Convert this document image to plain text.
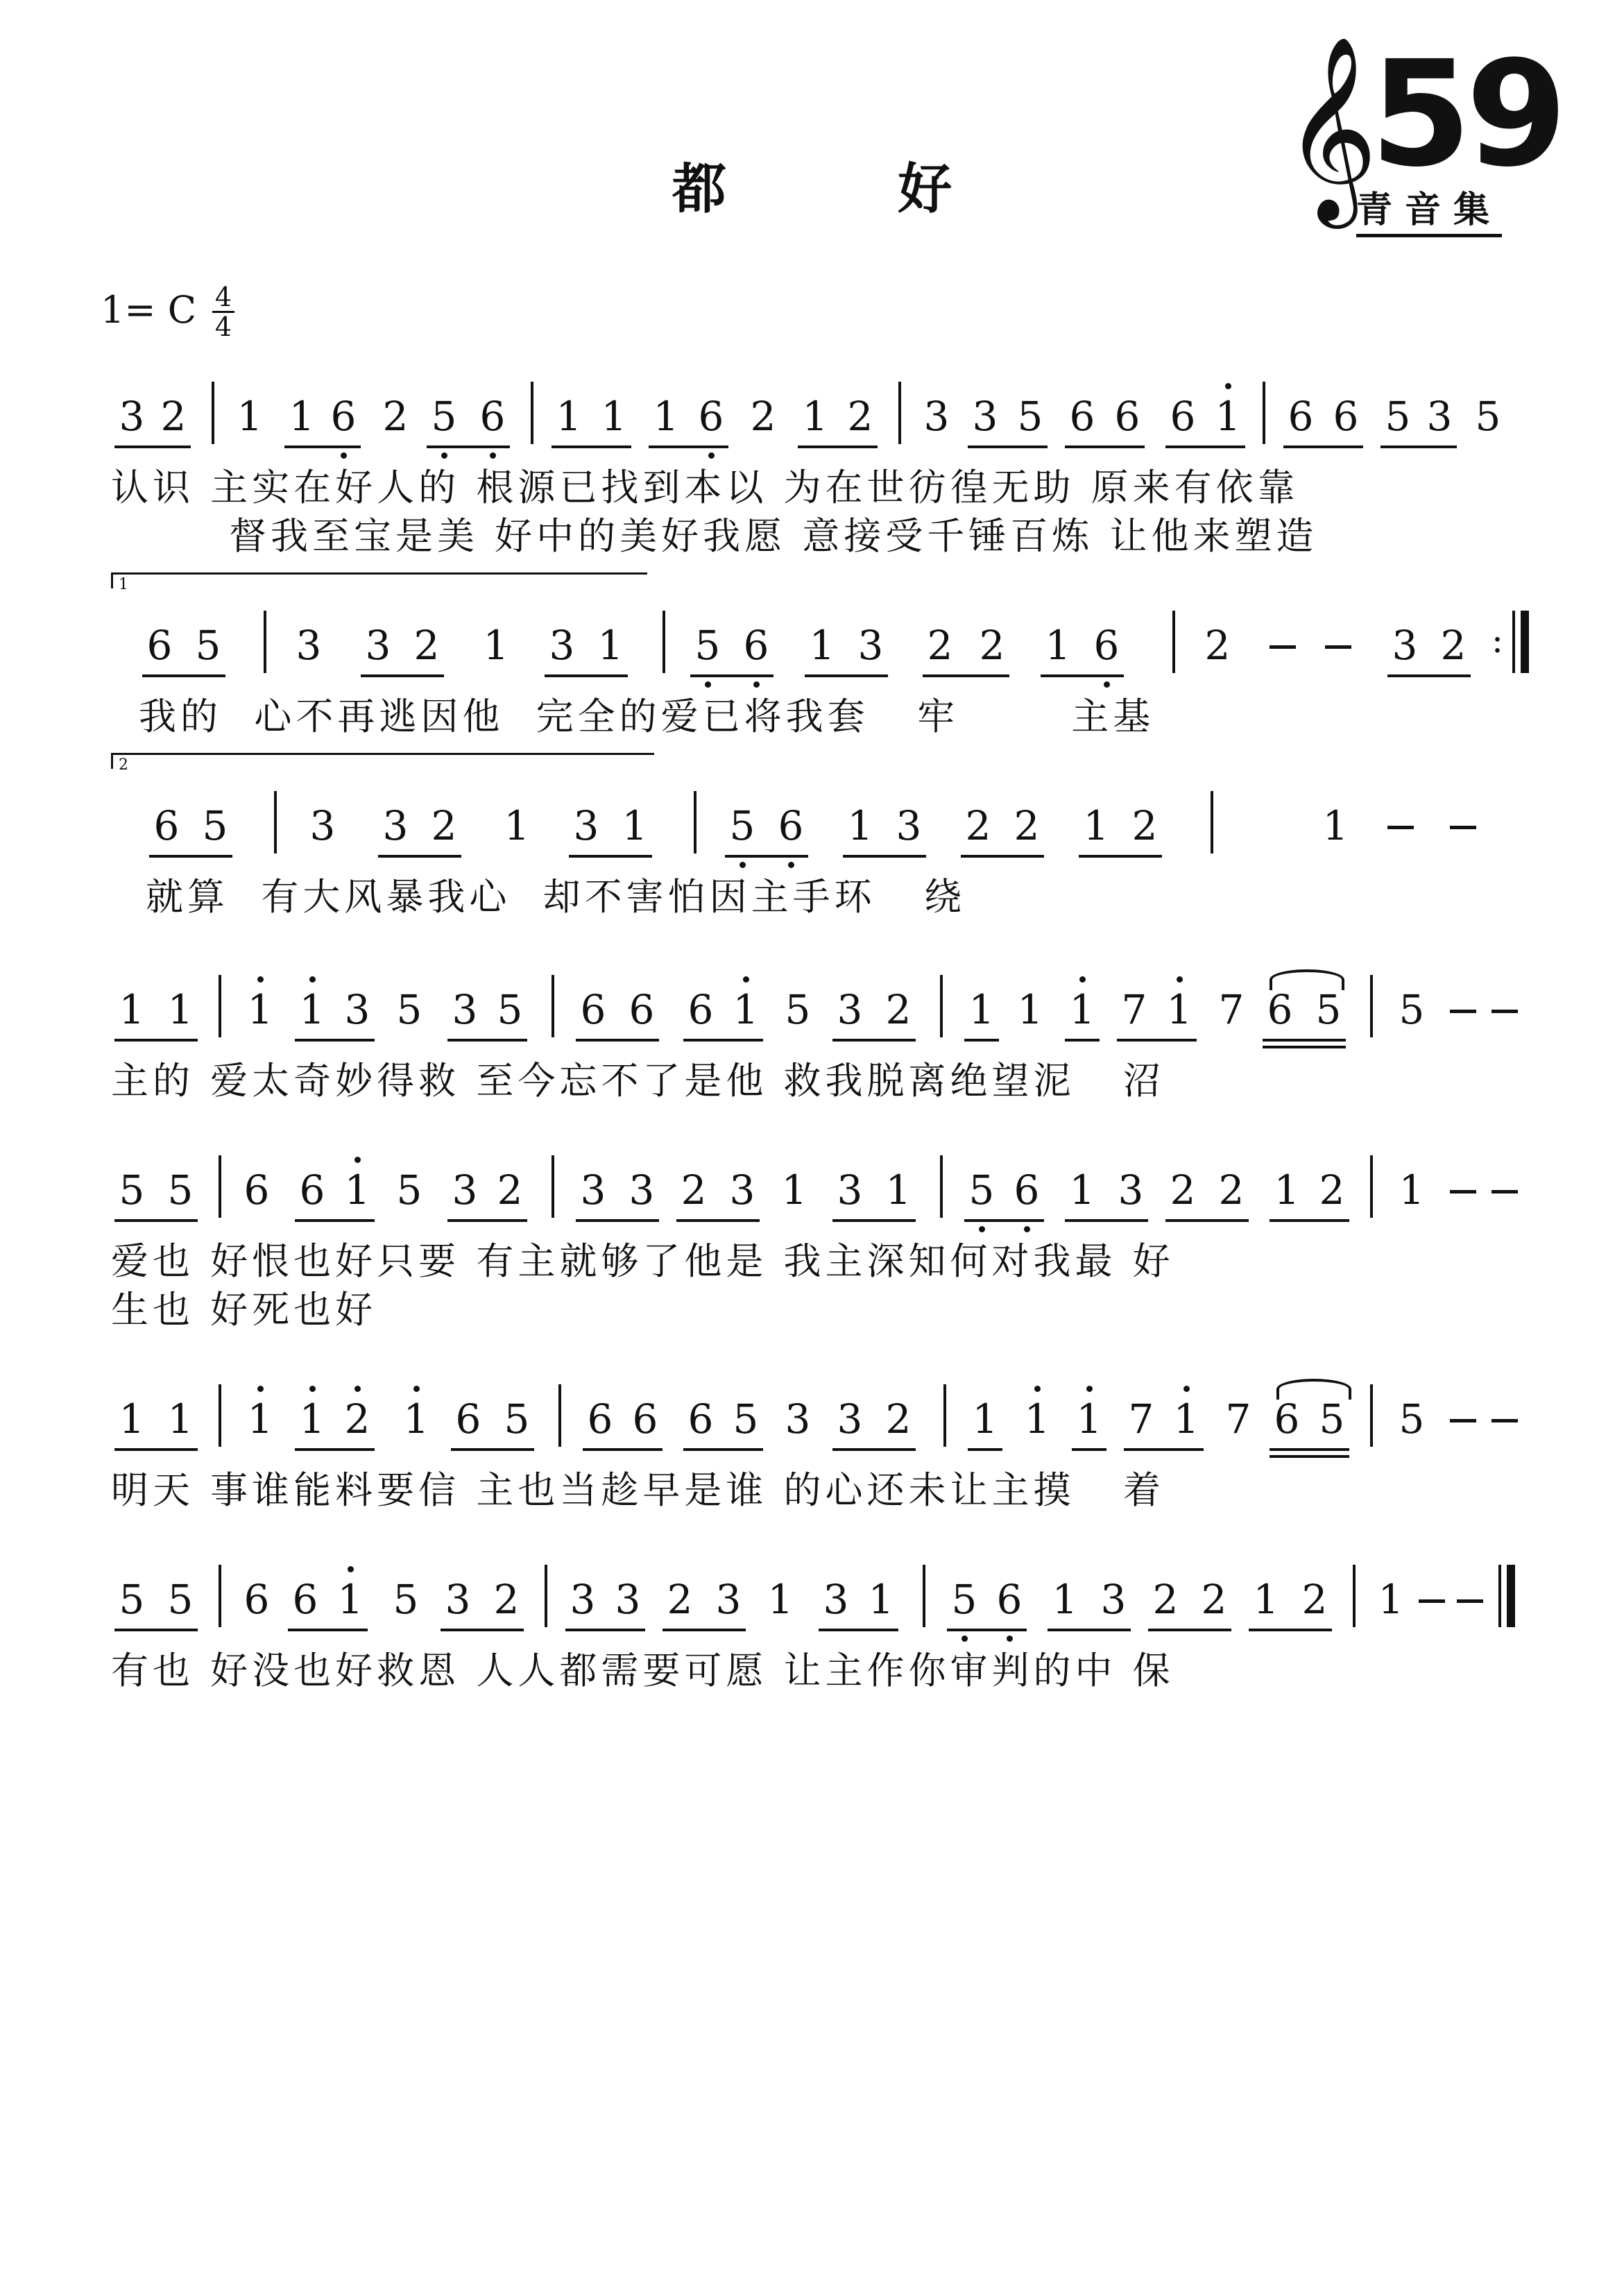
都 好	𝄞
59
青音集
1= C 4
4
3 2 1 1 6 2 5 6 1 1 1 6 2 1 2 3 3 5 6 6 6 1 6 6 5 3 5
认识 主实在好人的 根源已找到本以 为在世彷徨无助 原来有依靠
督我至宝是美 好中的美好我愿 意接受千锤百炼 让他来塑造
1
6 5 3 3 2 1 3 1 5 6 1 3 2 2 1 6 2	3 2 :
我的  心不再逃因他  完全的爱已将我套   牢       主基
2
6 5 3 3 2 1 3 1 5 6 1 3 2 2 1 2	1
就算  有大风暴我心  却不害怕因主手环   绕
1 1 1 1 3 5 3 5 6 6 6 1 5 3 2 1 1 1 7 1 7 6 5 5
主的 爱太奇妙得救 至今忘不了是他 救我脱离绝望泥   沼
5 5 6 6 1 5 3 2 3 3 2 3 1 3 1 5 6 1 3 2 2 1 2 1
爱也 好恨也好只要 有主就够了他是 我主深知何对我最 好
生也 好死也好
1 1 1 1 2 1 6 5 6 6 6 5 3 3 2 1 1 1 7 1 7 6 5 5
明天 事谁能料要信 主也当趁早是谁 的心还未让主摸   着
5 5 6 6 1 5 3 2 3 3 2 3 1 3 1 5 6 1 3 2 2 1 2 1
有也 好没也好救恩 人人都需要可愿 让主作你审判的中 保
